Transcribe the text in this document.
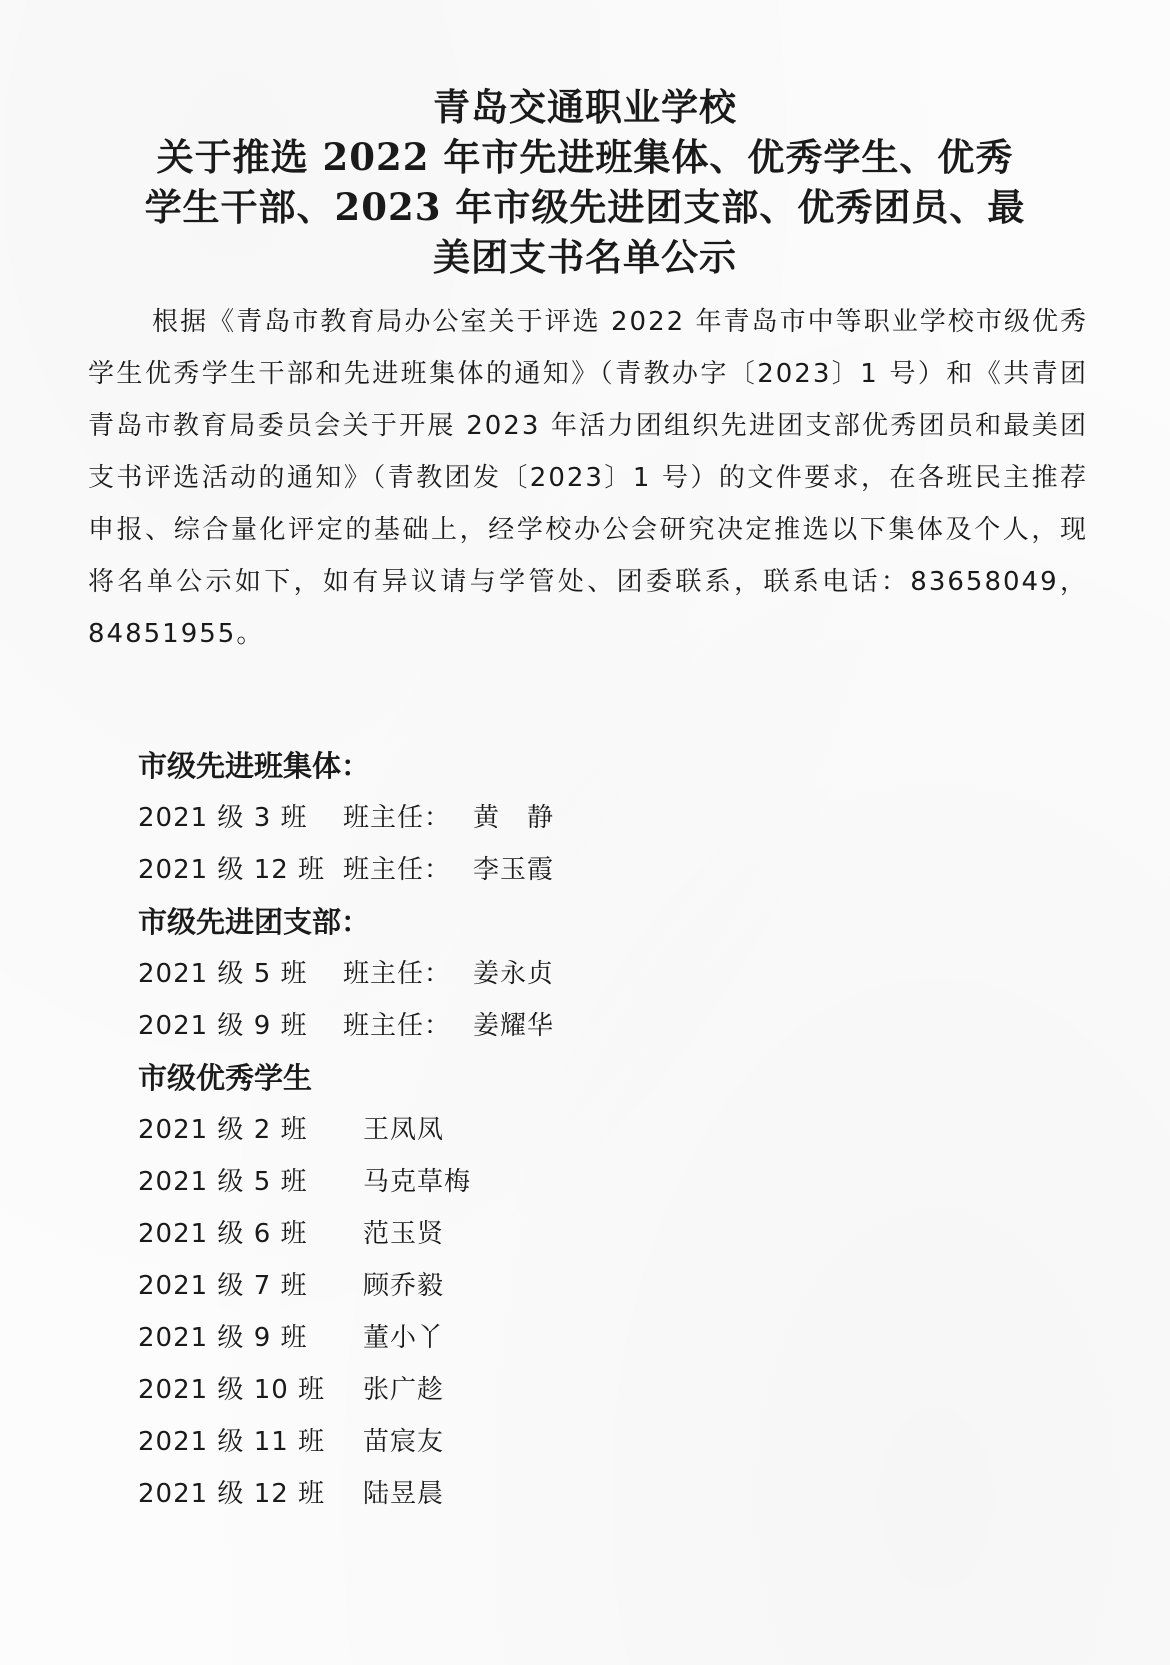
青岛交通职业学校
关于推选 2022 年市先进班集体、优秀学生、优秀
学生干部、2023 年市级先进团支部、优秀团员、最
美团支书名单公示
根据《青岛市教育局办公室关于评选 2022 年青岛市中等职业学校市级优秀学生优秀学生干部和先进班集体的通知》（青教办字〔2023〕1 号）和《共青团青岛市教育局委员会关于开展 2023 年活力团组织先进团支部优秀团员和最美团支书评选活动的通知》（青教团发〔2023〕1 号）的文件要求，在各班民主推荐申报、综合量化评定的基础上，经学校办公会研究决定推选以下集体及个人，现将名单公示如下，如有异议请与学管处、团委联系，联系电话：83658049，84851955。
市级先进班集体：
2021 级 3 班 班主任： 黄　静
2021 级 12 班 班主任： 李玉霞
市级先进团支部：
2021 级 5 班 班主任： 姜永贞
2021 级 9 班 班主任： 姜耀华
市级优秀学生
2021 级 2 班 王凤凤
2021 级 5 班 马克草梅
2021 级 6 班 范玉贤
2021 级 7 班 顾乔毅
2021 级 9 班 董小丫
2021 级 10 班 张广趁
2021 级 11 班 苗宸友
2021 级 12 班 陆昱晨
